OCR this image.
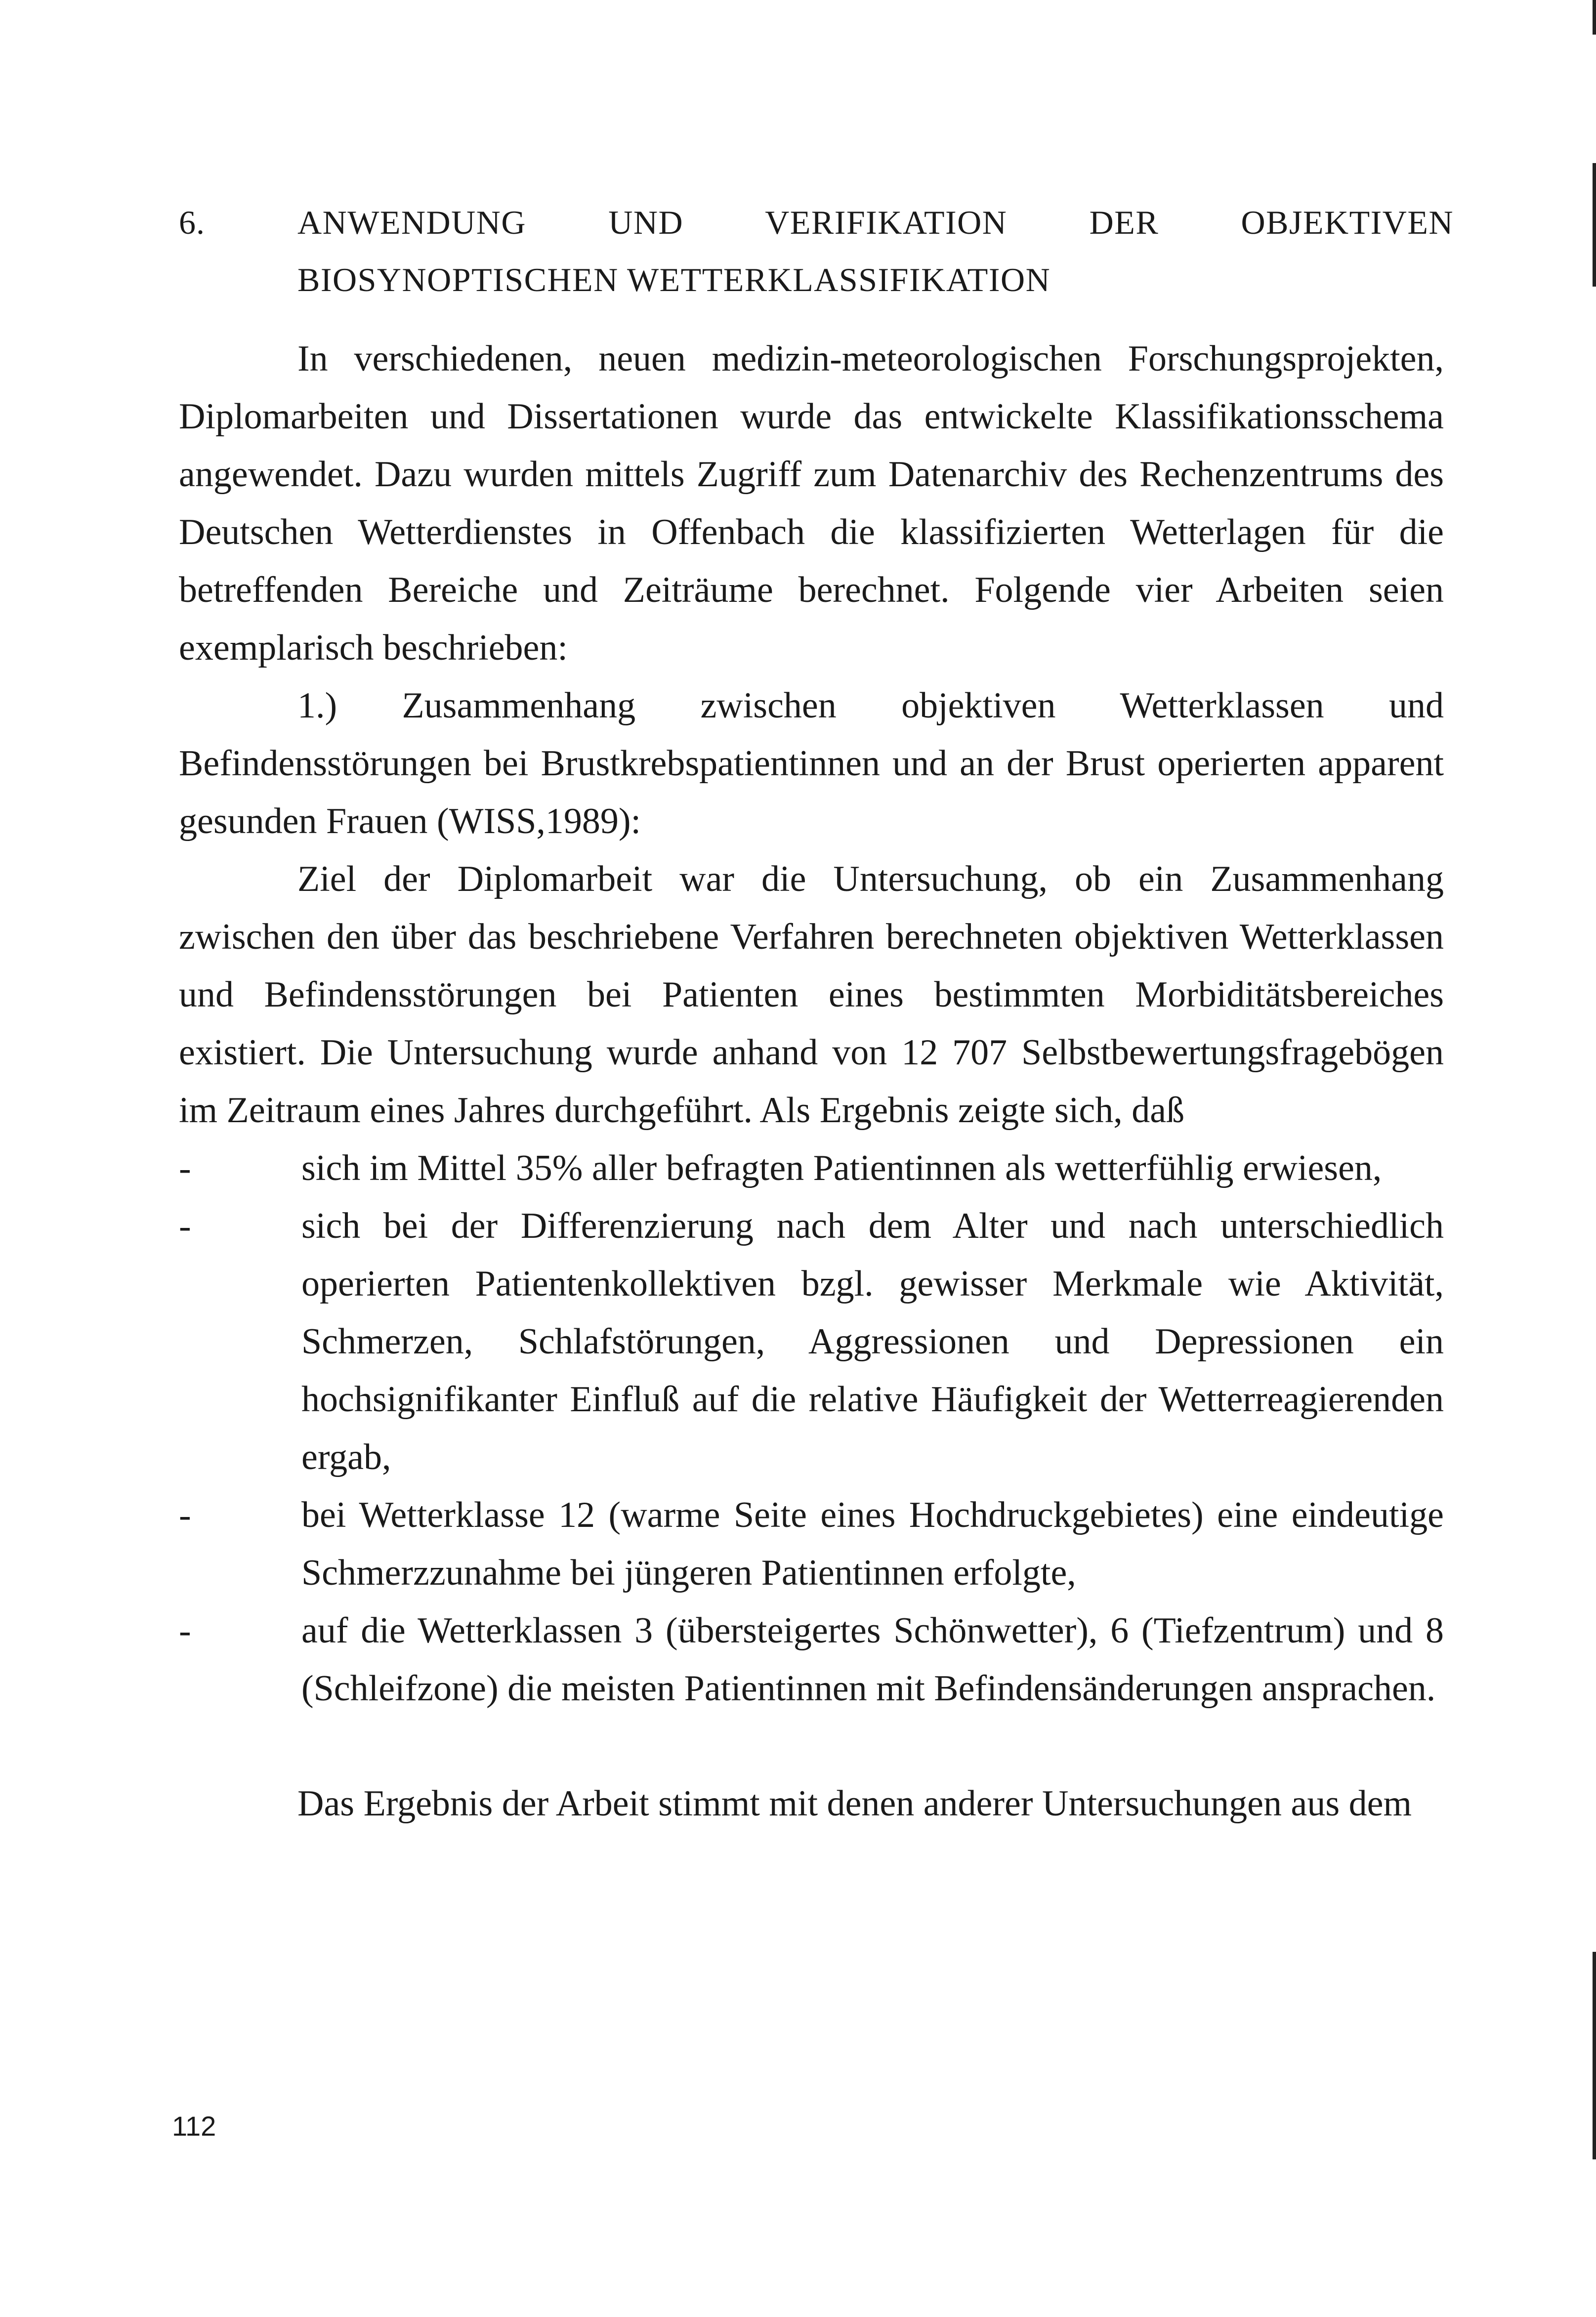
6.	ANWENDUNG UND VERIFIKATION DER OBJEKTIVEN BIOSYNOPTISCHEN WETTERKLASSIFIKATION

In verschiedenen, neuen medizin-meteorologischen Forschungsprojekten, Diplomarbeiten und Dissertationen wurde das entwickelte Klassifikationsschema angewendet. Dazu wurden mittels Zugriff zum Datenarchiv des Rechenzentrums des Deutschen Wetterdienstes in Offenbach die klassifizierten Wetterlagen für die betreffenden Bereiche und Zeiträume berechnet. Folgende vier Arbeiten seien exemplarisch beschrieben:

1.) Zusammenhang zwischen objektiven Wetterklassen und Befindensstörungen bei Brustkrebspatientinnen und an der Brust operierten apparent gesunden Frauen (WISS,1989):

Ziel der Diplomarbeit war die Untersuchung, ob ein Zusammenhang zwischen den über das beschriebene Verfahren berechneten objektiven Wetterklassen und Befindensstörungen bei Patienten eines bestimmten Morbiditätsbereiches existiert. Die Untersuchung wurde anhand von 12 707 Selbstbewertungsfragebögen im Zeitraum eines Jahres durchgeführt. Als Ergebnis zeigte sich, daß

-	sich im Mittel 35% aller befragten Patientinnen als wetterfühlig erwiesen,
-	sich bei der Differenzierung nach dem Alter und nach unterschiedlich operierten Patientenkollektiven bzgl. gewisser Merkmale wie Aktivität, Schmerzen, Schlafstörungen, Aggressionen und Depressionen ein hochsignifikanter Einfluß auf die relative Häufigkeit der Wetterreagierenden ergab,
-	bei Wetterklasse 12 (warme Seite eines Hochdruckgebietes) eine eindeutige Schmerzzunahme bei jüngeren Patientinnen erfolgte,
-	auf die Wetterklassen 3 (übersteigertes Schönwetter), 6 (Tiefzentrum) und 8 (Schleifzone) die meisten Patientinnen mit Befindensänderungen ansprachen.

Das Ergebnis der Arbeit stimmt mit denen anderer Untersuchungen aus dem

112
